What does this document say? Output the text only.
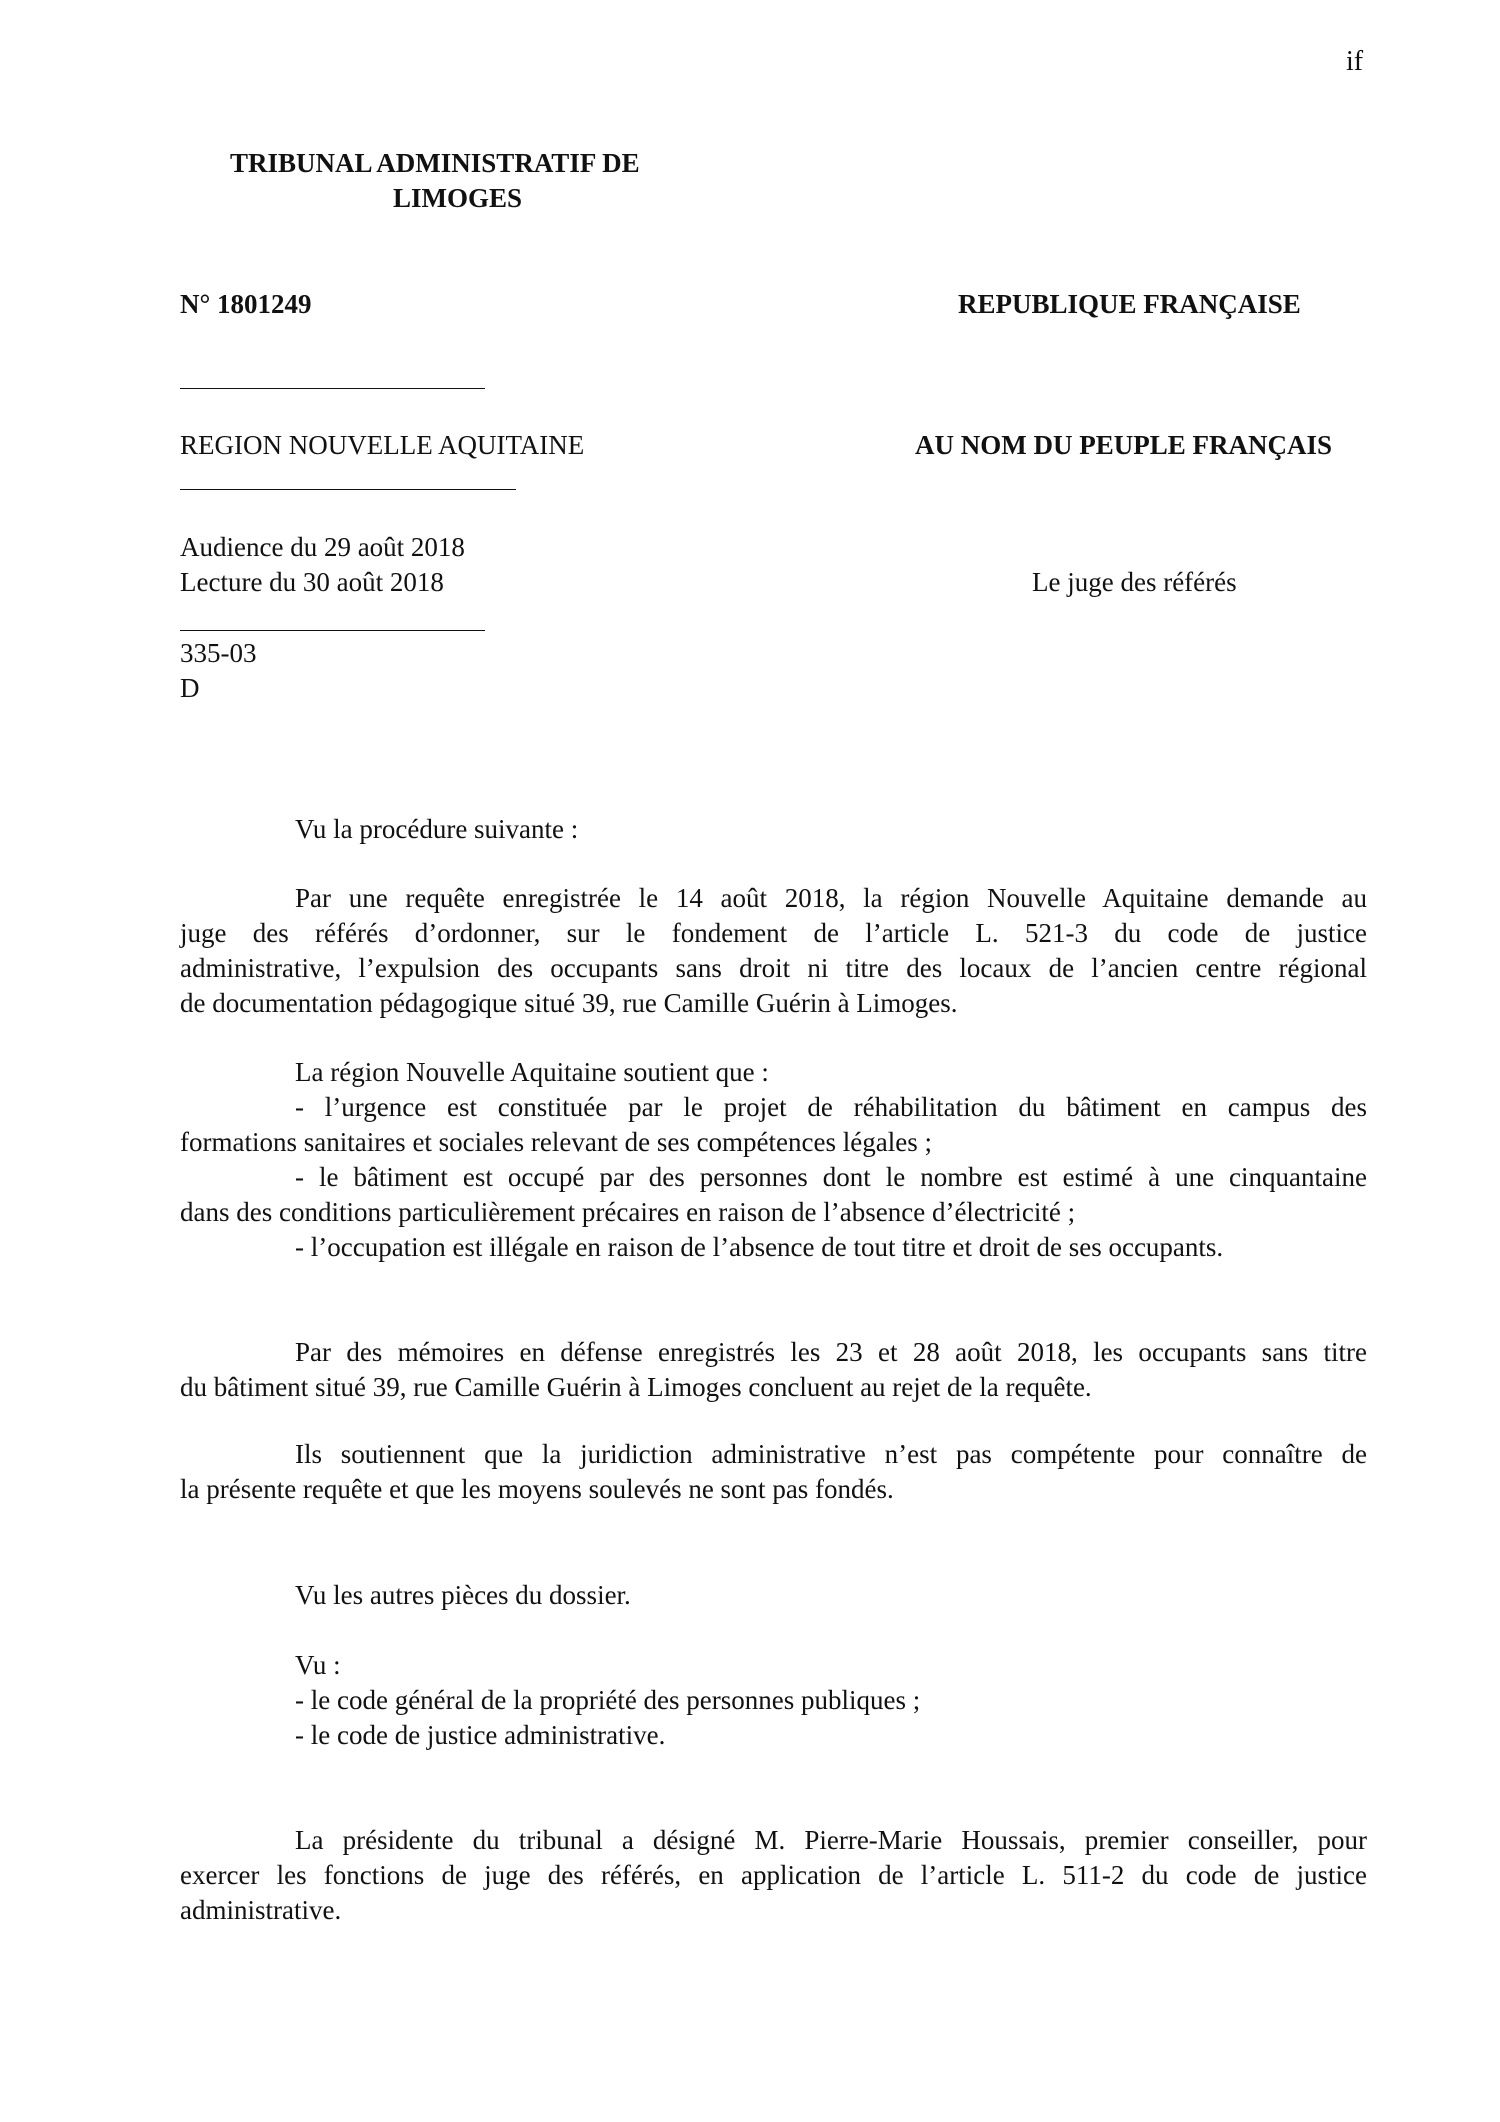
if
TRIBUNAL ADMINISTRATIF DE
LIMOGES
N° 1801249	REPUBLIQUE FRANÇAISE
REGION NOUVELLE AQUITAINE	AU NOM DU PEUPLE FRANÇAIS
Audience du 29 août 2018
Lecture du 30 août 2018	Le juge des référés
335-03
D
Vu la procédure suivante :
Par une requête enregistrée le 14 août 2018, la région Nouvelle Aquitaine demande au
juge des référés d’ordonner, sur le fondement de l’article L. 521-3 du code de justice
administrative, l’expulsion des occupants sans droit ni titre des locaux de l’ancien centre régional
de documentation pédagogique situé 39, rue Camille Guérin à Limoges.
La région Nouvelle Aquitaine soutient que :
- l’urgence est constituée par le projet de réhabilitation du bâtiment en campus des
formations sanitaires et sociales relevant de ses compétences légales ;
- le bâtiment est occupé par des personnes dont le nombre est estimé à une cinquantaine
dans des conditions particulièrement précaires en raison de l’absence d’électricité ;
- l’occupation est illégale en raison de l’absence de tout titre et droit de ses occupants.
Par des mémoires en défense enregistrés les 23 et 28 août 2018, les occupants sans titre
du bâtiment situé 39, rue Camille Guérin à Limoges concluent au rejet de la requête.
Ils soutiennent que la juridiction administrative n’est pas compétente pour connaître de
la présente requête et que les moyens soulevés ne sont pas fondés.
Vu les autres pièces du dossier.
Vu :
- le code général de la propriété des personnes publiques ;
- le code de justice administrative.
La présidente du tribunal a désigné M. Pierre-Marie Houssais, premier conseiller, pour
exercer les fonctions de juge des référés, en application de l’article L. 511-2 du code de justice
administrative.
